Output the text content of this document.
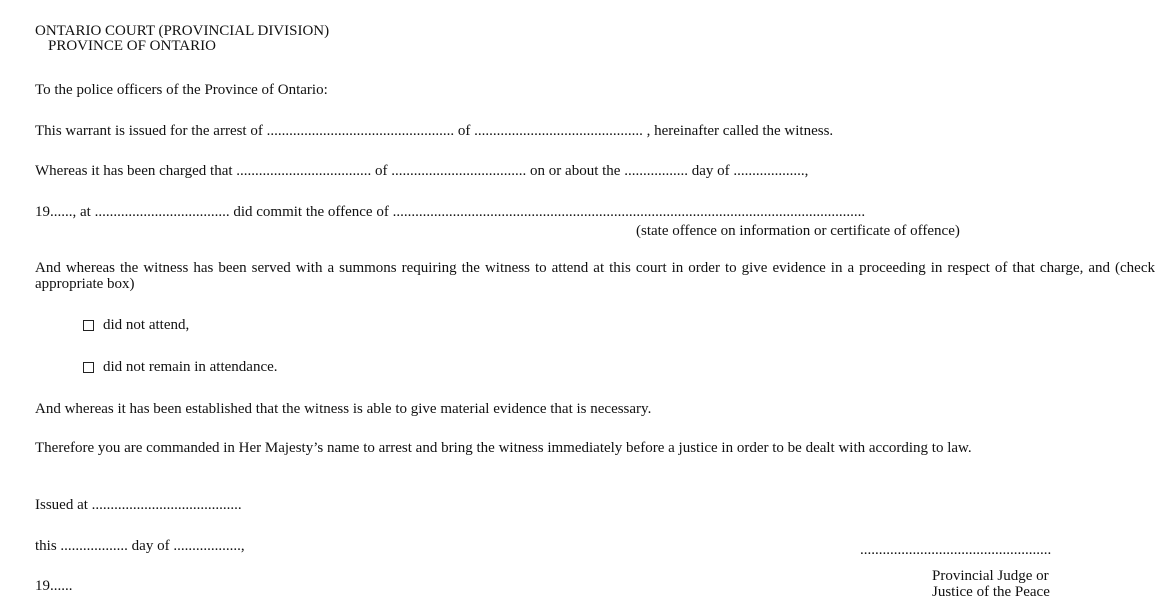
ONTARIO COURT (PROVINCIAL DIVISION)
PROVINCE OF ONTARIO
To the police officers of the Province of Ontario:
This warrant is issued for the arrest of .................................................. of ............................................. , hereinafter called the witness.
Whereas it has been charged that .................................... of .................................... on or about the ................. day of ...................,
19......, at .................................... did commit the offence of ..............................................................................................................................
(state offence on information or certificate of offence)
And whereas the witness has been served with a summons requiring the witness to attend at this court in order to give evidence in a proceeding in respect of that charge, and (check appropriate box)
did not attend,
did not remain in attendance.
And whereas it has been established that the witness is able to give material evidence that is necessary.
Therefore you are commanded in Her Majesty’s name to arrest and bring the witness immediately before a justice in order to be dealt with according to law.
Issued at ........................................
this .................. day of ..................,
19......
...................................................
Provincial Judge or
Justice of the Peace
